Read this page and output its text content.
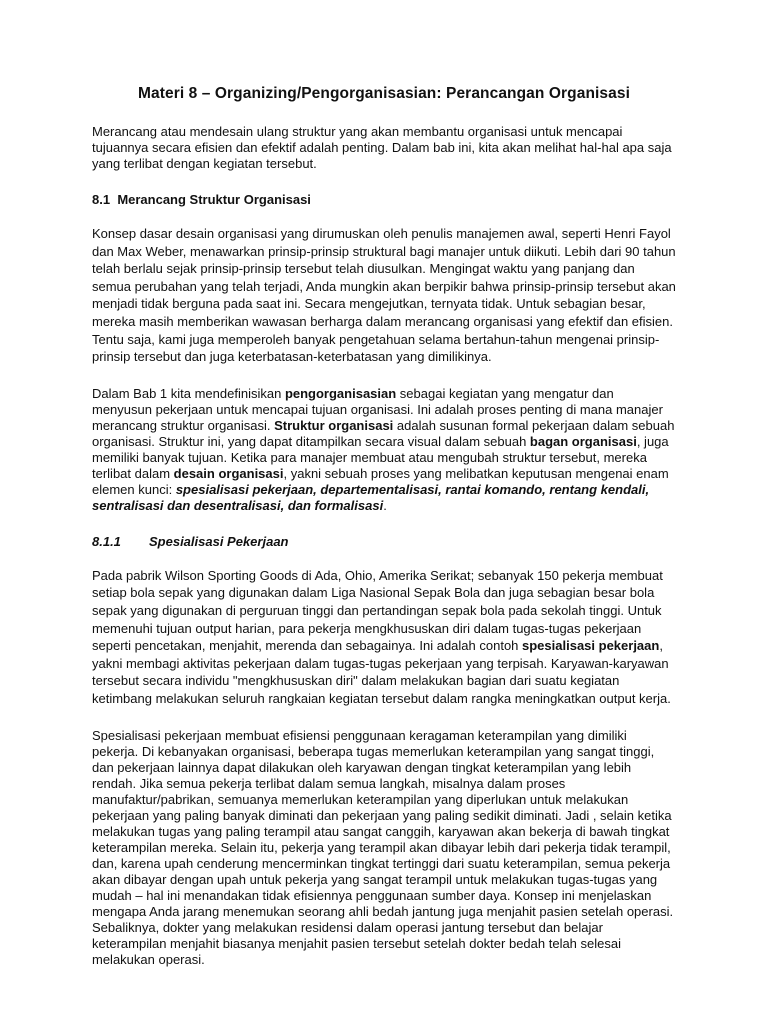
Materi 8 – Organizing/Pengorganisasian: Perancangan Organisasi

Merancang atau mendesain ulang struktur yang akan membantu organisasi untuk mencapai tujuannya secara efisien dan efektif adalah penting. Dalam bab ini, kita akan melihat hal-hal apa saja yang terlibat dengan kegiatan tersebut.

8.1 Merancang Struktur Organisasi

Konsep dasar desain organisasi yang dirumuskan oleh penulis manajemen awal, seperti Henri Fayol dan Max Weber, menawarkan prinsip-prinsip struktural bagi manajer untuk diikuti. Lebih dari 90 tahun telah berlalu sejak prinsip-prinsip tersebut telah diusulkan. Mengingat waktu yang panjang dan semua perubahan yang telah terjadi, Anda mungkin akan berpikir bahwa prinsip-prinsip tersebut akan menjadi tidak berguna pada saat ini. Secara mengejutkan, ternyata tidak. Untuk sebagian besar, mereka masih memberikan wawasan berharga dalam merancang organisasi yang efektif dan efisien. Tentu saja, kami juga memperoleh banyak pengetahuan selama bertahun-tahun mengenai prinsip-prinsip tersebut dan juga keterbatasan-keterbatasan yang dimilikinya.

Dalam Bab 1 kita mendefinisikan pengorganisasian sebagai kegiatan yang mengatur dan menyusun pekerjaan untuk mencapai tujuan organisasi. Ini adalah proses penting di mana manajer merancang struktur organisasi. Struktur organisasi adalah susunan formal pekerjaan dalam sebuah organisasi. Struktur ini, yang dapat ditampilkan secara visual dalam sebuah bagan organisasi, juga memiliki banyak tujuan. Ketika para manajer membuat atau mengubah struktur tersebut, mereka terlibat dalam desain organisasi, yakni sebuah proses yang melibatkan keputusan mengenai enam elemen kunci: spesialisasi pekerjaan, departementalisasi, rantai komando, rentang kendali, sentralisasi dan desentralisasi, dan formalisasi.

8.1.1 Spesialisasi Pekerjaan

Pada pabrik Wilson Sporting Goods di Ada, Ohio, Amerika Serikat; sebanyak 150 pekerja membuat setiap bola sepak yang digunakan dalam Liga Nasional Sepak Bola dan juga sebagian besar bola sepak yang digunakan di perguruan tinggi dan pertandingan sepak bola pada sekolah tinggi. Untuk memenuhi tujuan output harian, para pekerja mengkhususkan diri dalam tugas-tugas pekerjaan seperti pencetakan, menjahit, merenda dan sebagainya. Ini adalah contoh spesialisasi pekerjaan, yakni membagi aktivitas pekerjaan dalam tugas-tugas pekerjaan yang terpisah. Karyawan-karyawan tersebut secara individu "mengkhususkan diri" dalam melakukan bagian dari suatu kegiatan ketimbang melakukan seluruh rangkaian kegiatan tersebut dalam rangka meningkatkan output kerja.

Spesialisasi pekerjaan membuat efisiensi penggunaan keragaman keterampilan yang dimiliki pekerja. Di kebanyakan organisasi, beberapa tugas memerlukan keterampilan yang sangat tinggi, dan pekerjaan lainnya dapat dilakukan oleh karyawan dengan tingkat keterampilan yang lebih rendah. Jika semua pekerja terlibat dalam semua langkah, misalnya dalam proses manufaktur/pabrikan, semuanya memerlukan keterampilan yang diperlukan untuk melakukan pekerjaan yang paling banyak diminati dan pekerjaan yang paling sedikit diminati. Jadi , selain ketika melakukan tugas yang paling terampil atau sangat canggih, karyawan akan bekerja di bawah tingkat keterampilan mereka. Selain itu, pekerja yang terampil akan dibayar lebih dari pekerja tidak terampil, dan, karena upah cenderung mencerminkan tingkat tertinggi dari suatu keterampilan, semua pekerja akan dibayar dengan upah untuk pekerja yang sangat terampil untuk melakukan tugas-tugas yang mudah – hal ini menandakan tidak efisiennya penggunaan sumber daya. Konsep ini menjelaskan mengapa Anda jarang menemukan seorang ahli bedah jantung juga menjahit pasien setelah operasi. Sebaliknya, dokter yang melakukan residensi dalam operasi jantung tersebut dan belajar keterampilan menjahit biasanya menjahit pasien tersebut setelah dokter bedah telah selesai melakukan operasi.
